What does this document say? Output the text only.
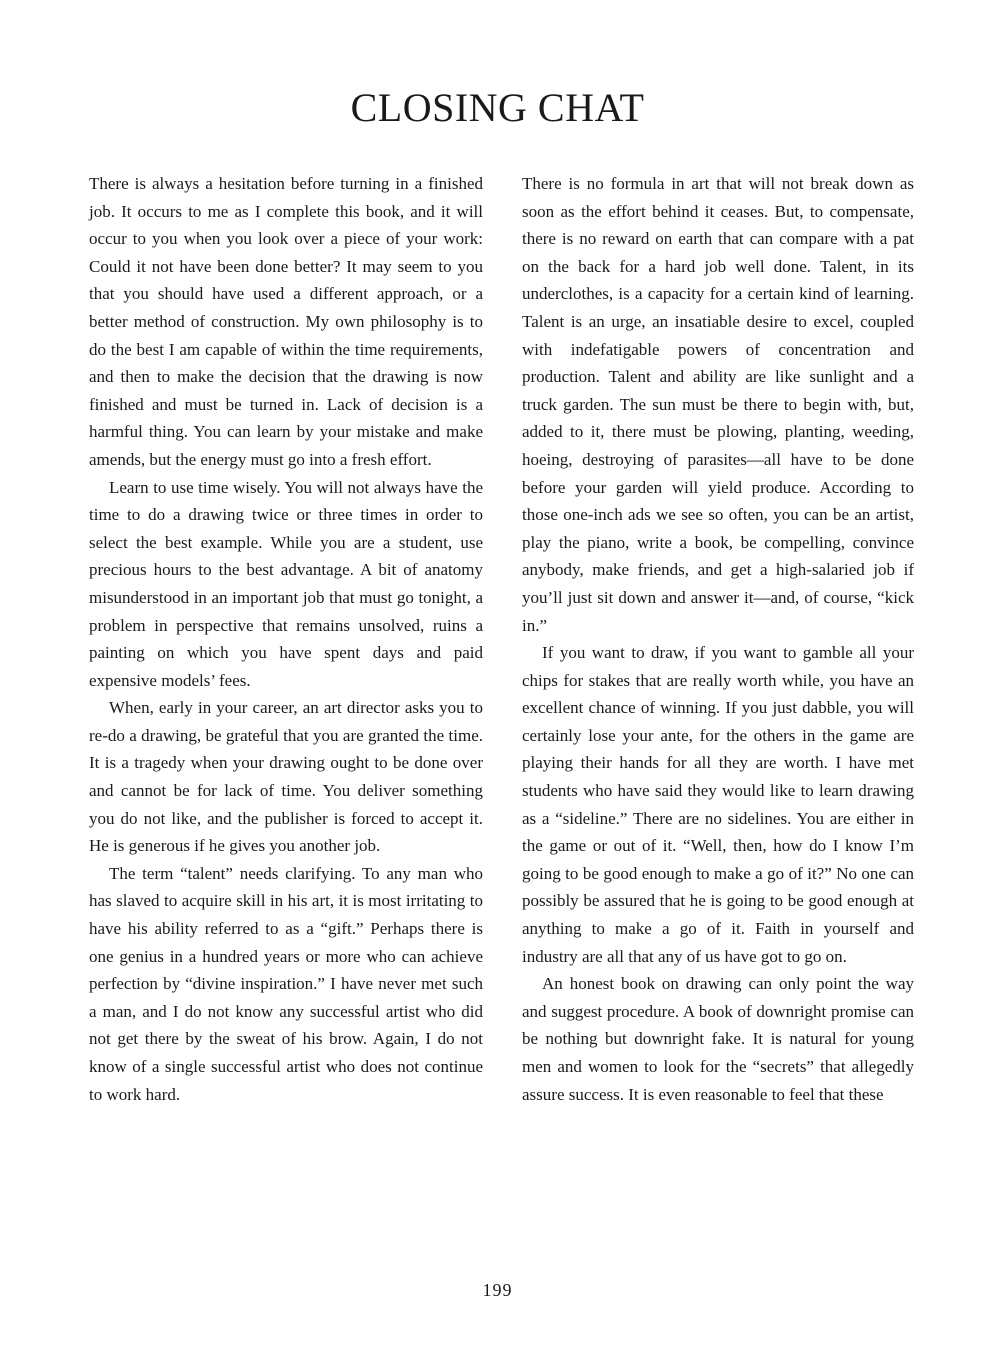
CLOSING CHAT

There is always a hesitation before turning in a finished job. It occurs to me as I complete this book, and it will occur to you when you look over a piece of your work: Could it not have been done better? It may seem to you that you should have used a different approach, or a better method of construction. My own philosophy is to do the best I am capable of within the time requirements, and then to make the decision that the drawing is now finished and must be turned in. Lack of decision is a harmful thing. You can learn by your mistake and make amends, but the energy must go into a fresh effort.

Learn to use time wisely. You will not always have the time to do a drawing twice or three times in order to select the best example. While you are a student, use precious hours to the best advantage. A bit of anatomy misunderstood in an important job that must go tonight, a problem in perspective that remains unsolved, ruins a painting on which you have spent days and paid expensive models’ fees.

When, early in your career, an art director asks you to re-do a drawing, be grateful that you are granted the time. It is a tragedy when your drawing ought to be done over and cannot be for lack of time. You deliver something you do not like, and the publisher is forced to accept it. He is generous if he gives you another job.

The term “talent” needs clarifying. To any man who has slaved to acquire skill in his art, it is most irritating to have his ability referred to as a “gift.” Perhaps there is one genius in a hundred years or more who can achieve perfection by “divine inspiration.” I have never met such a man, and I do not know any successful artist who did not get there by the sweat of his brow. Again, I do not know of a single successful artist who does not continue to work hard.

There is no formula in art that will not break down as soon as the effort behind it ceases. But, to compensate, there is no reward on earth that can compare with a pat on the back for a hard job well done. Talent, in its underclothes, is a capacity for a certain kind of learning. Talent is an urge, an insatiable desire to excel, coupled with indefatigable powers of concentration and production. Talent and ability are like sunlight and a truck garden. The sun must be there to begin with, but, added to it, there must be plowing, planting, weeding, hoeing, destroying of parasites—all have to be done before your garden will yield produce. According to those one-inch ads we see so often, you can be an artist, play the piano, write a book, be compelling, convince anybody, make friends, and get a high-salaried job if you’ll just sit down and answer it—and, of course, “kick in.”

If you want to draw, if you want to gamble all your chips for stakes that are really worth while, you have an excellent chance of winning. If you just dabble, you will certainly lose your ante, for the others in the game are playing their hands for all they are worth. I have met students who have said they would like to learn drawing as a “sideline.” There are no sidelines. You are either in the game or out of it. “Well, then, how do I know I’m going to be good enough to make a go of it?” No one can possibly be assured that he is going to be good enough at anything to make a go of it. Faith in yourself and industry are all that any of us have got to go on.

An honest book on drawing can only point the way and suggest procedure. A book of downright promise can be nothing but downright fake. It is natural for young men and women to look for the “secrets” that allegedly assure success. It is even reasonable to feel that these

199
